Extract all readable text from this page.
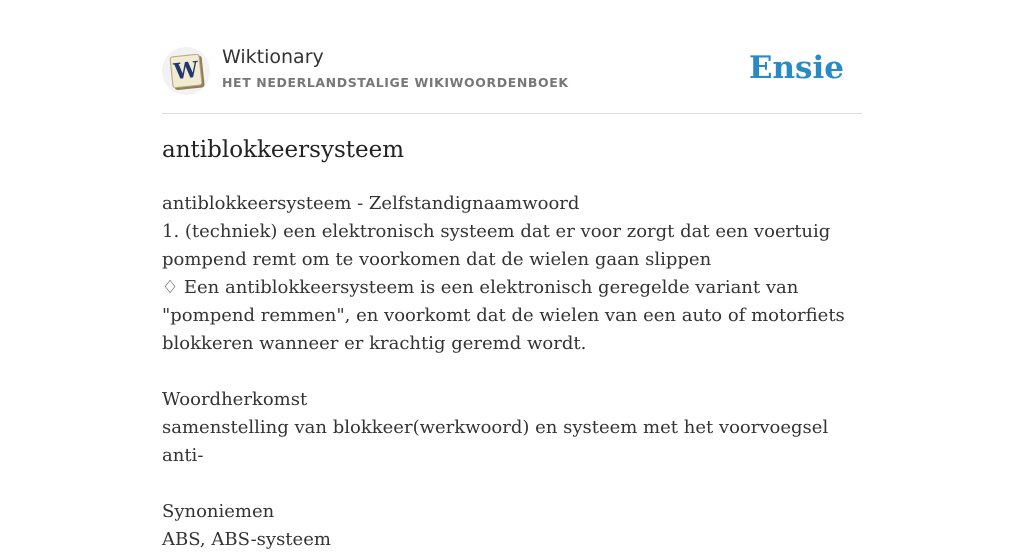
W Wiktionary
HET NEDERLANDSTALIGE WIKIWOORDENBOEK	Ensie
antiblokkeersysteem

antiblokkeersysteem - Zelfstandignaamwoord

1. (techniek) een elektronisch systeem dat er voor zorgt dat een voertuig pompend remt om te voorkomen dat de wielen gaan slippen

♢ Een antiblokkeersysteem is een elektronisch geregelde variant van "pompend remmen", en voorkomt dat de wielen van een auto of motorfiets blokkeren wanneer er krachtig geremd wordt.

Woordherkomst

samenstelling van blokkeer(werkwoord) en systeem met het voorvoegsel anti-

Synoniemen

ABS, ABS-systeem
